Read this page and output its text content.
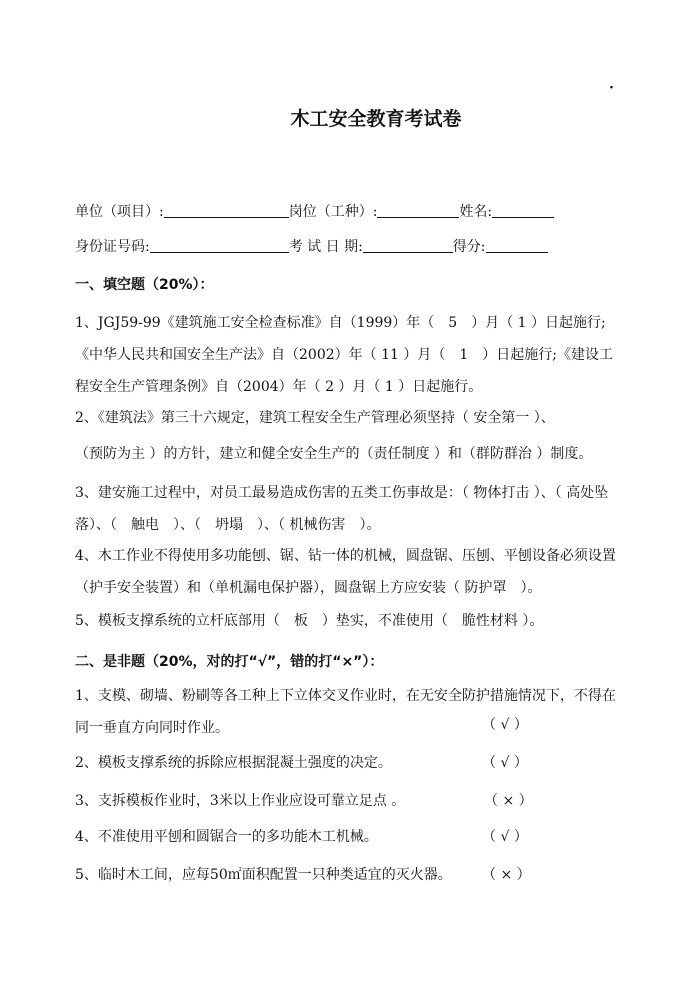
·
木工安全教育考试卷
单位（项目）:	岗位（工种）:	姓名:
身份证号码:	考 试 日 期:	得分:
一、填空题（20%）：
1、JGJ59-99《建筑施工安全检查标准》自（1999）年（　5　）月（ 1 ）日起施行;《中华人民共和国安全生产法》自（2002）年（ 11 ）月（　1　）日起施行;《建设工程安全生产管理条例》自（2004）年（ 2 ）月（ 1 ）日起施行。
2、《建筑法》第三十六规定，建筑工程安全生产管理必须坚持（ 安全第一 ）、
（预防为主 ）的方针，建立和健全安全生产的（责任制度 ）和（群防群治 ）制度。
3、建安施工过程中，对员工最易造成伤害的五类工伤事故是：（ 物体打击 ）、（ 高处坠落）、（　触电　）、（　坍塌　）、（ 机械伤害　）。
4、木工作业不得使用多功能刨、锯、钻一体的机械，圆盘锯、压刨、平刨设备必须设置（护手安全装置）和（单机漏电保护器），圆盘锯上方应安装（ 防护罩　）。
5、模板支撑系统的立杆底部用（　板　）垫实，不准使用（　脆性材料 ）。
二、是非题（20%，对的打“√”，错的打“×”）：
1、支模、砌墙、粉刷等各工种上下立体交叉作业时，在无安全防护措施情况下，不得在
同一垂直方向同时作业。	（ √ ）
2、模板支撑系统的拆除应根据混凝土强度的决定。	（ √ ）
3、支拆模板作业时，3米以上作业应设可靠立足点 。	（ × ）
4、不准使用平刨和圆锯合一的多功能木工机械。	（ √ ）
5、临时木工间，应每50㎡面积配置一只种类适宜的灭火器。 （ × ）
